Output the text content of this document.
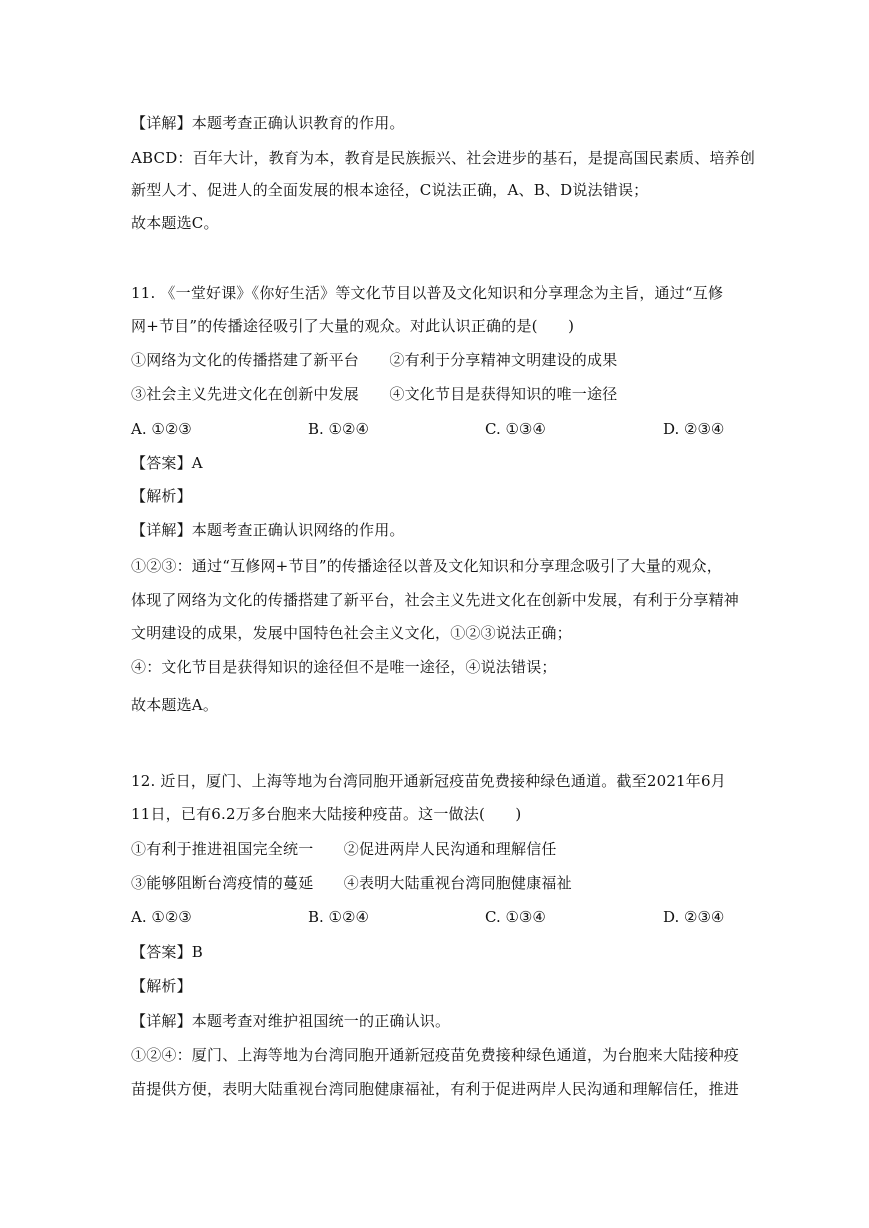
【详解】本题考查正确认识教育的作用。
ABCD：百年大计，教育为本，教育是民族振兴、社会进步的基石，是提高国民素质、培养创
新型人才、促进人的全面发展的根本途径，C说法正确，A、B、D说法错误；
故本题选C。
11. 《一堂好课》《你好生活》等文化节目以普及文化知识和分享理念为主旨，通过“互修
网+节目”的传播途径吸引了大量的观众。对此认识正确的是(　　)
①网络为文化的传播搭建了新平台　　②有利于分享精神文明建设的成果
③社会主义先进文化在创新中发展　　④文化节目是获得知识的唯一途径
A. ①②③	B. ①②④	C. ①③④	D. ②③④
【答案】A
【解析】
【详解】本题考查正确认识网络的作用。
①②③：通过“互修网+节目”的传播途径以普及文化知识和分享理念吸引了大量的观众，
体现了网络为文化的传播搭建了新平台，社会主义先进文化在创新中发展，有利于分享精神
文明建设的成果，发展中国特色社会主义文化，①②③说法正确；
④：文化节目是获得知识的途径但不是唯一途径，④说法错误；
故本题选A。
12. 近日，厦门、上海等地为台湾同胞开通新冠疫苗免费接种绿色通道。截至2021年6月
11日，已有6.2万多台胞来大陆接种疫苗。这一做法(　　)
①有利于推进祖国完全统一　　②促进两岸人民沟通和理解信任
③能够阻断台湾疫情的蔓延　　④表明大陆重视台湾同胞健康福祉
A. ①②③	B. ①②④	C. ①③④	D. ②③④
【答案】B
【解析】
【详解】本题考查对维护祖国统一的正确认识。
①②④：厦门、上海等地为台湾同胞开通新冠疫苗免费接种绿色通道，为台胞来大陆接种疫
苗提供方便，表明大陆重视台湾同胞健康福祉，有利于促进两岸人民沟通和理解信任，推进
